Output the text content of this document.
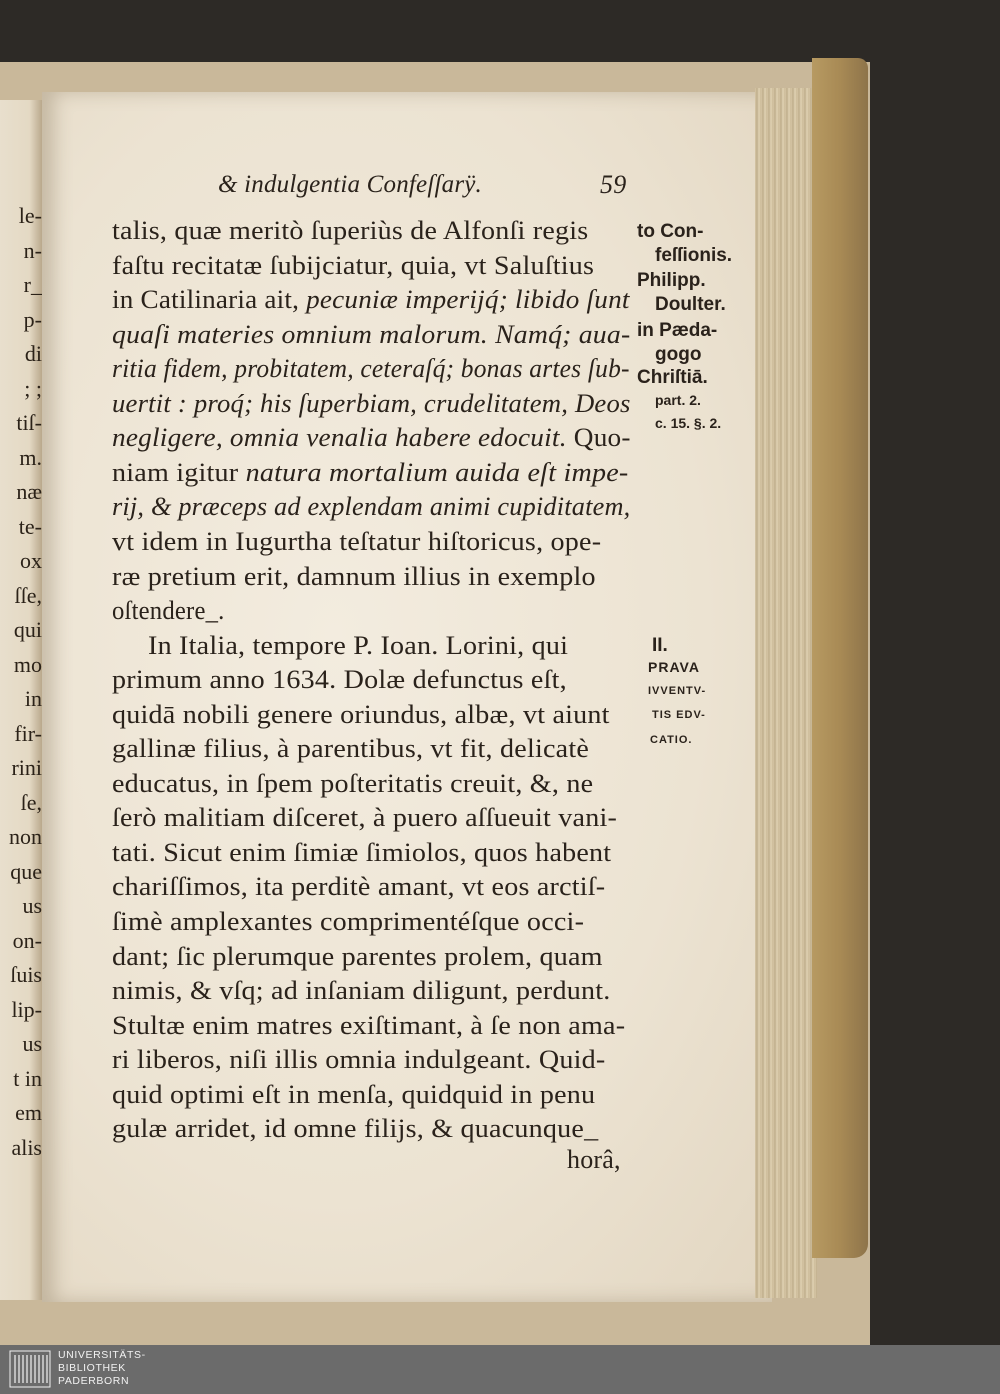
le-
n-
r_
p-
di
; ;
tiſ-
m.
næ
te-
ox
ſſe,
qui
mo
in
fir-
rini
ſe,
non
que
us
on-
ſuis
lip-
us
t in
em
alis
& indulgentia Confeſſarÿ.	59
talis, quæ meritò ſuperiùs de Alfonſi regis
faſtu recitatæ ſubijciatur, quia, vt Saluſtius
in Catilinaria ait, pecuniæ imperijq́; libido ſunt
quaſi materies omnium malorum. Namq́; aua-
ritia fidem, probitatem, ceteraſq́; bonas artes ſub-
uertit : proq́; his ſuperbiam, crudelitatem, Deos
negligere, omnia venalia habere edocuit. Quo-
niam igitur natura mortalium auida eſt impe-
rij, & præceps ad explendam animi cupiditatem,
vt idem in Iugurtha teſtatur hiſtoricus, ope-
ræ pretium erit, damnum illius in exemplo
oſtendere_.
In Italia, tempore P. Ioan. Lorini, qui
primum anno 1634. Dolæ defunctus eſt,
quidā nobili genere oriundus, albæ, vt aiunt
gallinæ filius, à parentibus, vt fit, delicatè
educatus, in ſpem poſteritatis creuit, &, ne
ſerò malitiam diſceret, à puero aſſueuit vani-
tati. Sicut enim ſimiæ ſimiolos, quos habent
chariſſimos, ita perditè amant, vt eos arctiſ-
ſimè amplexantes comprimentéſque occi-
dant; ſic plerumque parentes prolem, quam
nimis, & vſq; ad inſaniam diligunt, perdunt.
Stultæ enim matres exiſtimant, à ſe non ama-
ri liberos, niſi illis omnia indulgeant. Quid-
quid optimi eſt in menſa, quidquid in penu
gulæ arridet, id omne filijs, & quacunque_
horâ,
to Con-
feſſionis.
Philipp.
Doulter.
in Pæda-
gogo
Chriſtiā.
part. 2.
c. 15. §. 2.
II.
PRAVA
IVVENTV-
TIS EDV-
CATIO.
UNIVERSITÄTS-
BIBLIOTHEK
PADERBORN
